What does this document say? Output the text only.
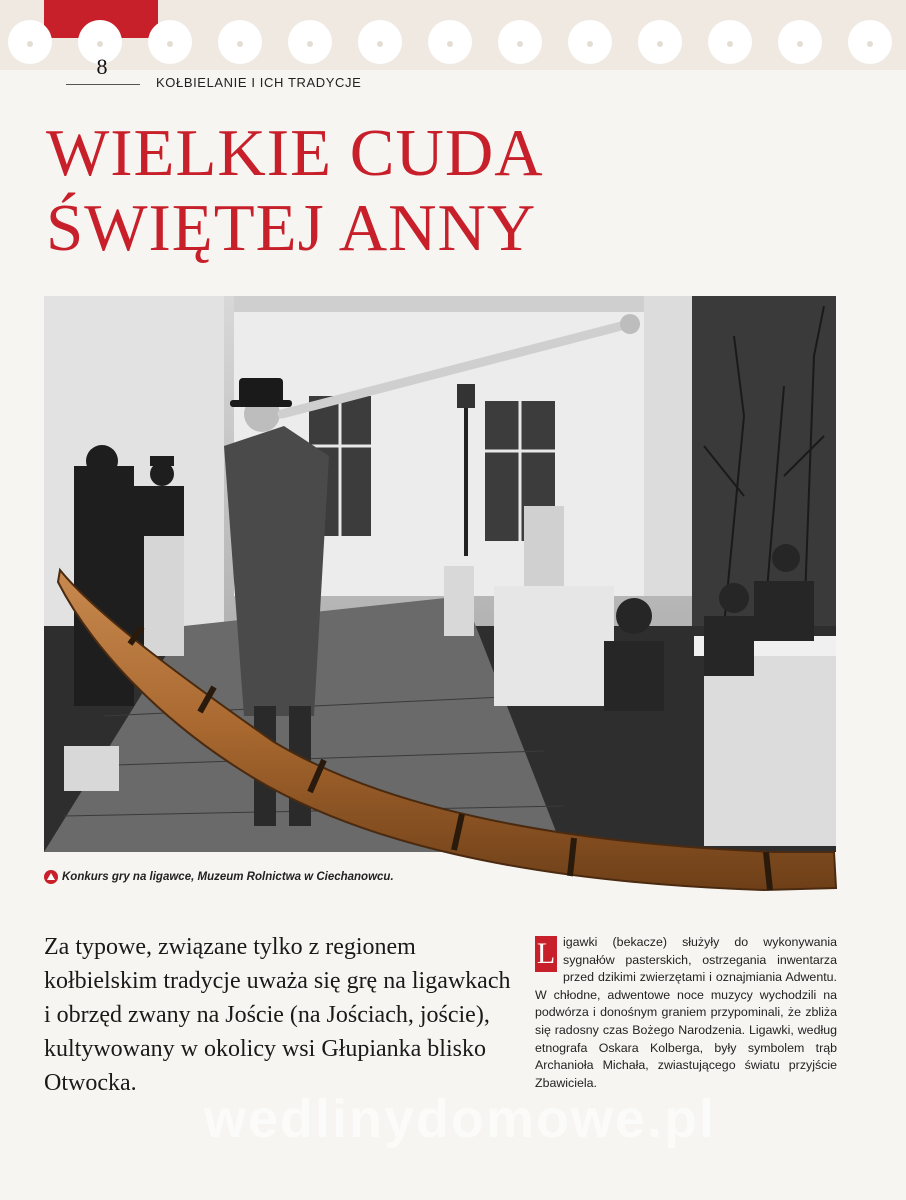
8
KOŁBIELANIE I ICH TRADYCJE
WIELKIE CUDA
ŚWIĘTEJ ANNY
Konkurs gry na ligawce, Muzeum Rolnictwa w Ciechanowcu.

Za typowe, związane tylko z regionem kołbielskim tradycje uważa się grę na ligawkach i obrzęd zwany na Joście (na Jościach, joście), kultywowany w okolicy wsi Głupianka blisko Otwocka.

L igawki (bekacze) służyły do wykonywania sygnałów pasterskich, ostrzegania inwentarza przed dzikimi zwierzętami i oznajmiania Adwentu. W chłodne, adwentowe noce muzycy wychodzili na podwórza i donośnym graniem przypominali, że zbliża się radosny czas Bożego Narodzenia. Ligawki, według etnografa Oskara Kolberga, były symbolem trąb Archanioła Michała, zwiastującego światu przyjście Zbawiciela.

wedlinydomowe.pl
